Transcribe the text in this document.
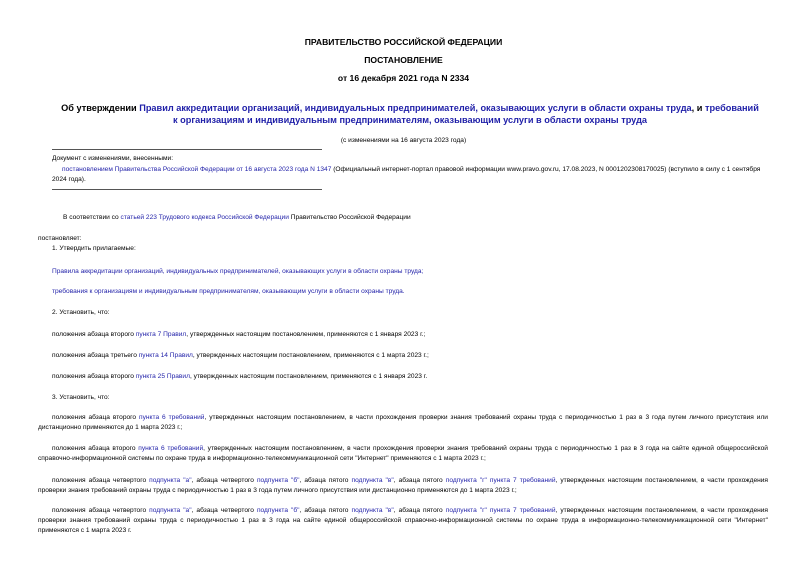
ПРАВИТЕЛЬСТВО РОССИЙСКОЙ ФЕДЕРАЦИИ
ПОСТАНОВЛЕНИЕ
от 16 декабря 2021 года N 2334
Об утверждении Правил аккредитации организаций, индивидуальных предпринимателей, оказывающих услуги в области охраны труда, и требований к организациям и индивидуальным предпринимателям, оказывающим услуги в области охраны труда
(с изменениями на 16 августа 2023 года)
Документ с изменениями, внесенными:
постановлением Правительства Российской Федерации от 16 августа 2023 года N 1347 (Официальный интернет-портал правовой информации www.pravo.gov.ru, 17.08.2023, N 0001202308170025) (вступило в силу с 1 сентября 2024 года).
В соответствии со статьей 223 Трудового кодекса Российской Федерации Правительство Российской Федерации
постановляет:
1. Утвердить прилагаемые:
Правила аккредитации организаций, индивидуальных предпринимателей, оказывающих услуги в области охраны труда;
требования к организациям и индивидуальным предпринимателям, оказывающим услуги в области охраны труда.
2. Установить, что:
положения абзаца второго пункта 7 Правил, утвержденных настоящим постановлением, применяются с 1 января 2023 г.;
положения абзаца третьего пункта 14 Правил, утвержденных настоящим постановлением, применяются с 1 марта 2023 г.;
положения абзаца второго пункта 25 Правил, утвержденных настоящим постановлением, применяются с 1 января 2023 г.
3. Установить, что:
положения абзаца второго пункта 6 требований, утвержденных настоящим постановлением, в части прохождения проверки знания требований охраны труда с периодичностью 1 раз в 3 года путем личного присутствия или дистанционно применяются до 1 марта 2023 г.;
положения абзаца второго пункта 6 требований, утвержденных настоящим постановлением, в части прохождения проверки знания требований охраны труда с периодичностью 1 раз в 3 года на сайте единой общероссийской справочно-информационной системы по охране труда в информационно-телекоммуникационной сети "Интернет" применяются с 1 марта 2023 г.;
положения абзаца четвертого подпункта "а", абзаца четвертого подпункта "б", абзаца пятого подпункта "в", абзаца пятого подпункта "г" пункта 7 требований, утвержденных настоящим постановлением, в части прохождения проверки знания требований охраны труда с периодичностью 1 раз в 3 года путем личного присутствия или дистанционно применяются до 1 марта 2023 г.;
положения абзаца четвертого подпункта "а", абзаца четвертого подпункта "б", абзаца пятого подпункта "в", абзаца пятого подпункта "г" пункта 7 требований, утвержденных настоящим постановлением, в части прохождения проверки знания требований охраны труда с периодичностью 1 раз в 3 года на сайте единой общероссийской справочно-информационной системы по охране труда в информационно-телекоммуникационной сети "Интернет" применяются с 1 марта 2023 г.
